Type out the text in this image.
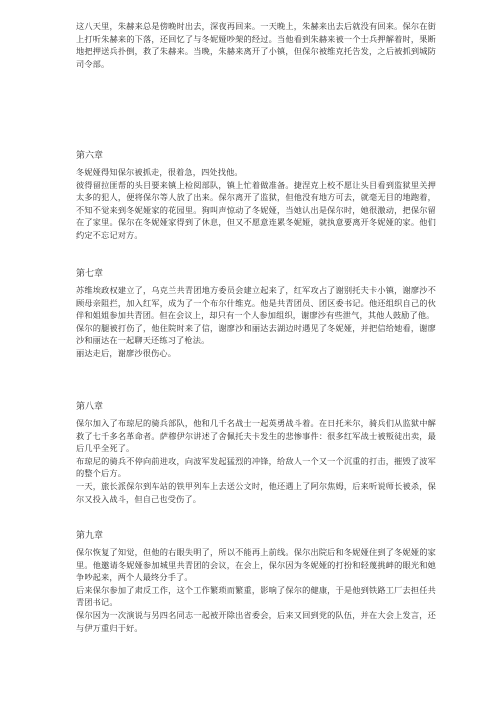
这八天里，朱赫来总是傍晚时出去，深夜再回来。一天晚上，朱赫来出去后就没有回来。保尔在街上打听朱赫来的下落，还回忆了与冬妮娅吵架的经过。当他看到朱赫来被一个士兵押解着时，果断地把押送兵扑倒，救了朱赫来。当晚，朱赫来离开了小镇，但保尔被维克托告发，之后被抓到城防司令部。

第六章

冬妮娅得知保尔被抓走，很着急，四处找他。

彼得留拉匪帮的头目要来镇上检阅部队，镇上忙着做准备。捷涅克上校不愿让头目看到监狱里关押太多的犯人，便将保尔等人放了出来。保尔离开了监狱，但他没有地方可去，就毫无目的地跑着，不知不觉来到冬妮娅家的花园里。狗叫声惊动了冬妮娅，当她认出是保尔时，她很激动，把保尔留在了家里。保尔在冬妮娅家得到了休息，但又不愿意连累冬妮娅，就执意要离开冬妮娅的家。他们约定不忘记对方。

第七章

苏维埃政权建立了，乌克兰共青团地方委员会建立起来了，红军攻占了谢别托夫卡小镇，谢廖沙不顾母亲阻拦，加入红军，成为了一个布尔什维克。他是共青团员、团区委书记。他还组织自己的伙伴和姐姐参加共青团。但在会议上，却只有一个人参加组织，谢廖沙有些泄气，其他人鼓励了他。

保尔的腿被打伤了，他住院时来了信，谢廖沙和丽达去湖边时遇见了冬妮娅，并把信给她看，谢廖沙和丽达在一起聊天还练习了枪法。

丽达走后，谢廖沙很伤心。

第八章

保尔加入了布琼尼的骑兵部队，他和几千名战士一起英勇战斗着。在日托米尔，骑兵们从监狱中解救了七千多名革命者。萨穆伊尔讲述了舍佩托夫卡发生的悲惨事件：很多红军战士被叛徒出卖，最后几乎全死了。

布琼尼的骑兵不停向前进攻，向波军发起猛烈的冲锋，给敌人一个又一个沉重的打击，摧毁了波军的整个后方。

一天，旅长派保尔到车站的铁甲列车上去送公文时，他还遇上了阿尔焦姆，后来听说师长被杀，保尔又投入战斗，但自己也受伤了。

第九章

保尔恢复了知觉，但他的右眼失明了，所以不能再上前线。保尔出院后和冬妮娅住到了冬妮娅的家里。他邀请冬妮娅参加城里共青团的会议，在会上，保尔因为冬妮娅的打扮和轻蔑挑衅的眼光和她争吵起来，两个人最终分手了。

后来保尔参加了肃反工作，这个工作繁琐而繁重，影响了保尔的健康，于是他到铁路工厂去担任共青团书记。

保尔因为一次演说与另四名同志一起被开除出省委会，后来又回到党的队伍，并在大会上发言，还与伊万重归于好。
